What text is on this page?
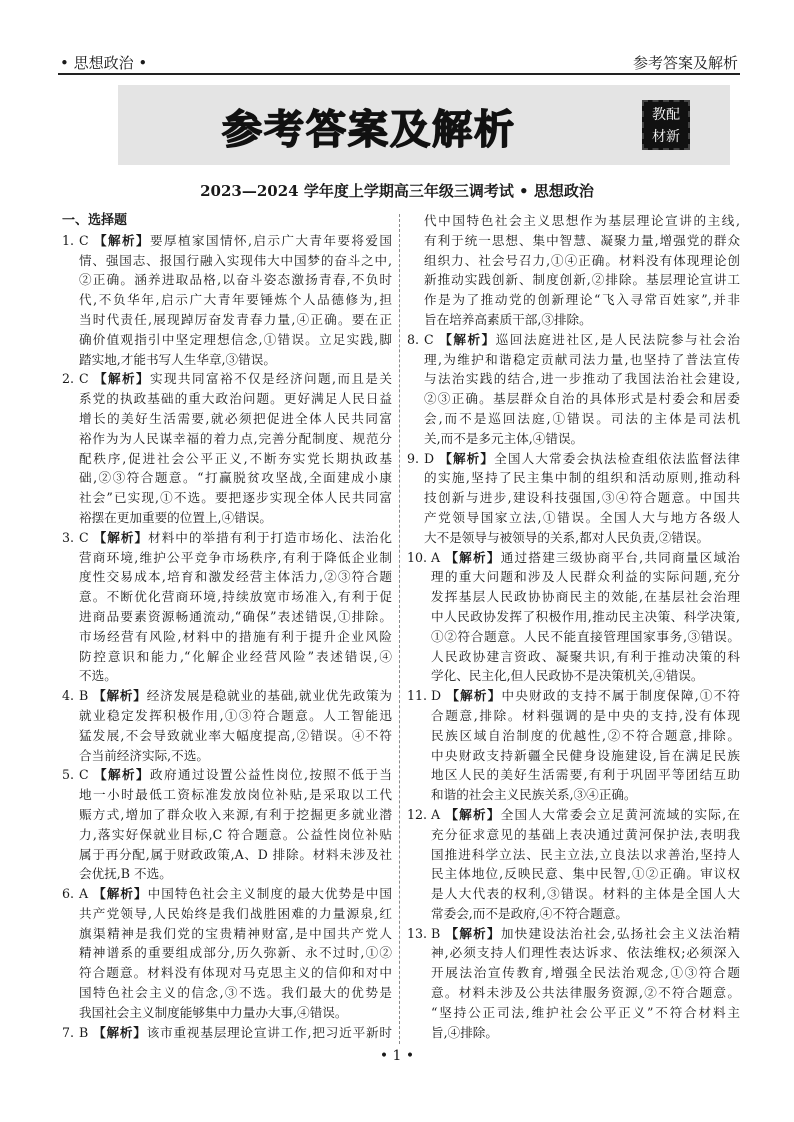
• 思想政治 •	参考答案及解析
参考答案及解析	教配
材新
2023—2024 学年度上学期高三年级三调考试 • 思想政治
一、选择题
1. C 【解析】要厚植家国情怀,启示广大青年要将爱国
情、强国志、报国行融入实现伟大中国梦的奋斗之中,
②正确。涵养进取品格,以奋斗姿态激扬青春,不负时
代,不负华年,启示广大青年要锤炼个人品德修为,担
当时代责任,展现踔厉奋发青春力量,④正确。要在正
确价值观指引中坚定理想信念,①错误。立足实践,脚
踏实地,才能书写人生华章,③错误。
2. C 【解析】实现共同富裕不仅是经济问题,而且是关
系党的执政基础的重大政治问题。更好满足人民日益
增长的美好生活需要,就必须把促进全体人民共同富
裕作为为人民谋幸福的着力点,完善分配制度、规范分
配秩序,促进社会公平正义,不断夯实党长期执政基
础,②③符合题意。“打赢脱贫攻坚战,全面建成小康
社会”已实现,①不选。要把逐步实现全体人民共同富
裕摆在更加重要的位置上,④错误。
3. C 【解析】材料中的举措有利于打造市场化、法治化
营商环境,维护公平竞争市场秩序,有利于降低企业制
度性交易成本,培育和激发经营主体活力,②③符合题
意。不断优化营商环境,持续放宽市场准入,有利于促
进商品要素资源畅通流动,“确保”表述错误,①排除。
市场经营有风险,材料中的措施有利于提升企业风险
防控意识和能力,“化解企业经营风险”表述错误,④
不选。
4. B 【解析】经济发展是稳就业的基础,就业优先政策为
就业稳定发挥积极作用,①③符合题意。人工智能迅
猛发展,不会导致就业率大幅度提高,②错误。④不符
合当前经济实际,不选。
5. C 【解析】政府通过设置公益性岗位,按照不低于当
地一小时最低工资标准发放岗位补贴,是采取以工代
赈方式,增加了群众收入来源,有利于挖掘更多就业潜
力,落实好保就业目标,C 符合题意。公益性岗位补贴
属于再分配,属于财政政策,A、D 排除。材料未涉及社
会优抚,B 不选。
6. A 【解析】中国特色社会主义制度的最大优势是中国
共产党领导,人民始终是我们战胜困难的力量源泉,红
旗渠精神是我们党的宝贵精神财富,是中国共产党人
精神谱系的重要组成部分,历久弥新、永不过时,①②
符合题意。材料没有体现对马克思主义的信仰和对中
国特色社会主义的信念,③不选。我们最大的优势是
我国社会主义制度能够集中力量办大事,④错误。
7. B 【解析】该市重视基层理论宣讲工作,把习近平新时
代中国特色社会主义思想作为基层理论宣讲的主线,
有利于统一思想、集中智慧、凝聚力量,增强党的群众
组织力、社会号召力,①④正确。材料没有体现理论创
新推动实践创新、制度创新,②排除。基层理论宣讲工
作是为了推动党的创新理论“飞入寻常百姓家”,并非
旨在培养高素质干部,③排除。
8. C 【解析】巡回法庭进社区,是人民法院参与社会治
理,为维护和谐稳定贡献司法力量,也坚持了普法宣传
与法治实践的结合,进一步推动了我国法治社会建设,
②③正确。基层群众自治的具体形式是村委会和居委
会,而不是巡回法庭,①错误。司法的主体是司法机
关,而不是多元主体,④错误。
9. D 【解析】全国人大常委会执法检查组依法监督法律
的实施,坚持了民主集中制的组织和活动原则,推动科
技创新与进步,建设科技强国,③④符合题意。中国共
产党领导国家立法,①错误。全国人大与地方各级人
大不是领导与被领导的关系,都对人民负责,②错误。
10. A 【解析】通过搭建三级协商平台,共同商量区域治
理的重大问题和涉及人民群众利益的实际问题,充分
发挥基层人民政协协商民主的效能,在基层社会治理
中人民政协发挥了积极作用,推动民主决策、科学决策,
①②符合题意。人民不能直接管理国家事务,③错误。
人民政协建言资政、凝聚共识,有利于推动决策的科
学化、民主化,但人民政协不是决策机关,④错误。
11. D 【解析】中央财政的支持不属于制度保障,①不符
合题意,排除。材料强调的是中央的支持,没有体现
民族区域自治制度的优越性,②不符合题意,排除。
中央财政支持新疆全民健身设施建设,旨在满足民族
地区人民的美好生活需要,有利于巩固平等团结互助
和谐的社会主义民族关系,③④正确。
12. A 【解析】全国人大常委会立足黄河流域的实际,在
充分征求意见的基础上表决通过黄河保护法,表明我
国推进科学立法、民主立法,立良法以求善治,坚持人
民主体地位,反映民意、集中民智,①②正确。审议权
是人大代表的权利,③错误。材料的主体是全国人大
常委会,而不是政府,④不符合题意。
13. B 【解析】加快建设法治社会,弘扬社会主义法治精
神,必须支持人们理性表达诉求、依法维权;必须深入
开展法治宣传教育,增强全民法治观念,①③符合题
意。材料未涉及公共法律服务资源,②不符合题意。
“坚持公正司法,维护社会公平正义”不符合材料主
旨,④排除。
• 1 •
